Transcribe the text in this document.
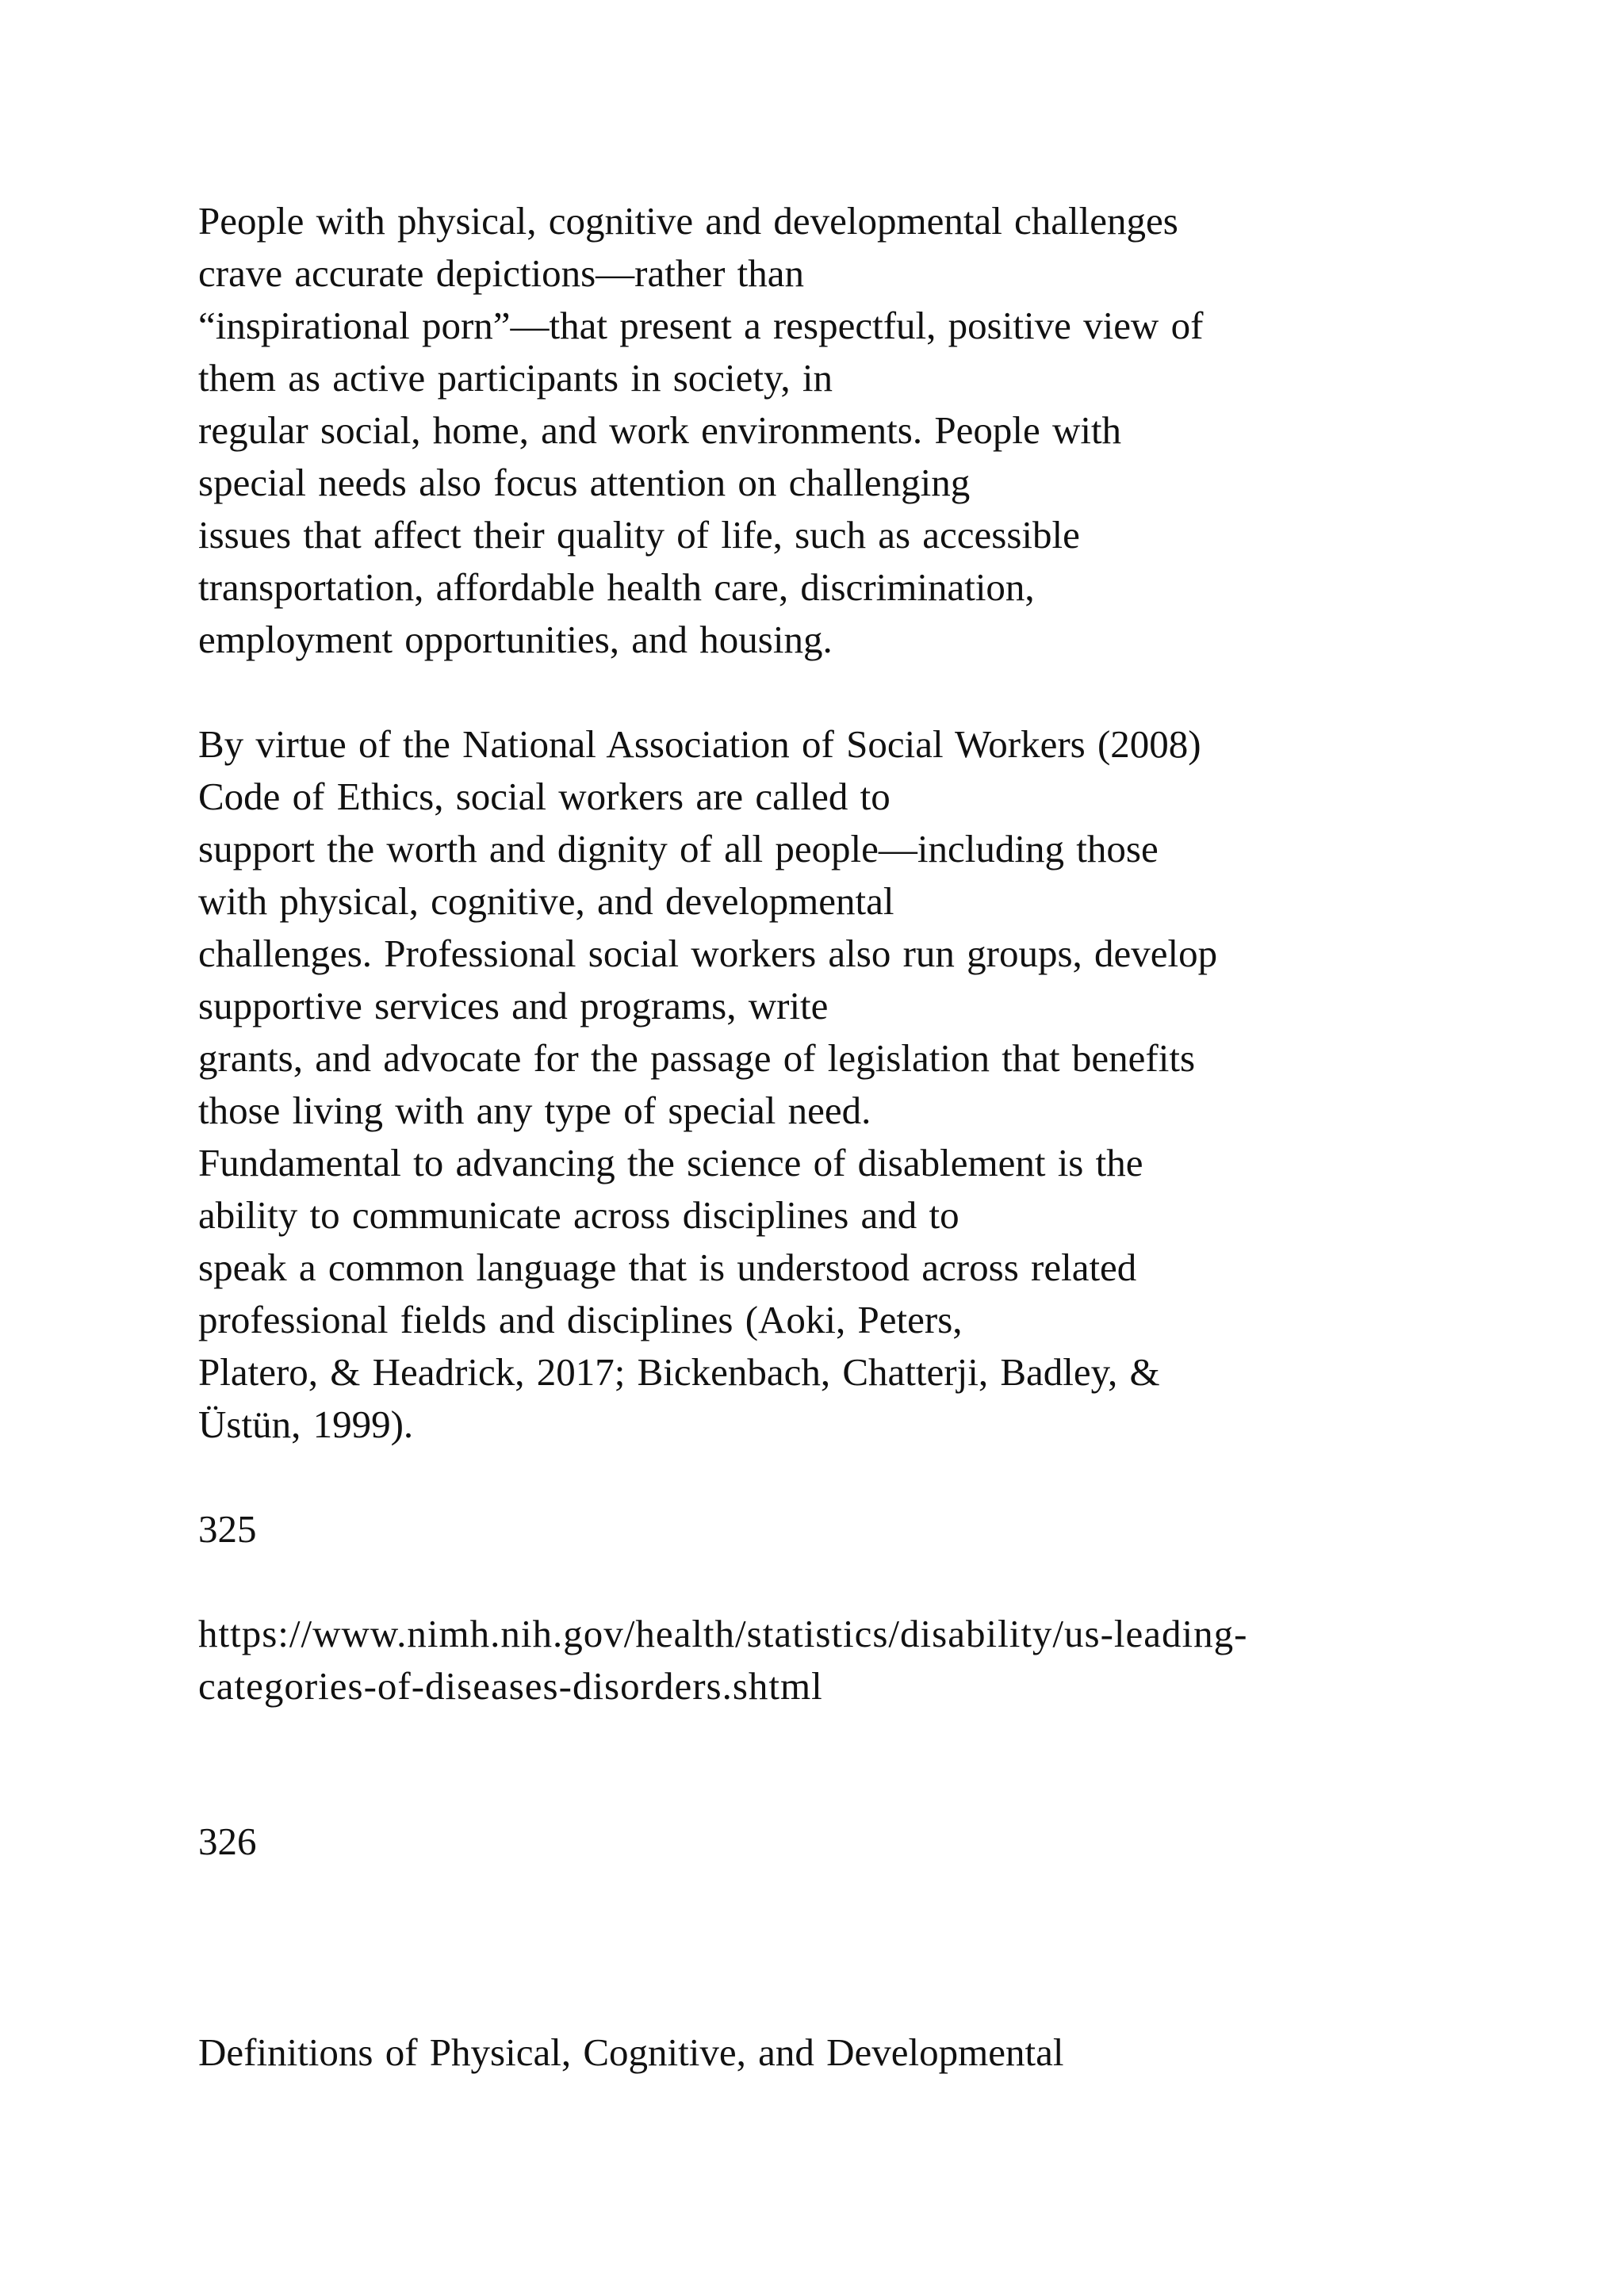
People with physical, cognitive and developmental challenges
crave accurate depictions—rather than
“inspirational porn”—that present a respectful, positive view of
them as active participants in society, in
regular social, home, and work environments. People with
special needs also focus attention on challenging
issues that affect their quality of life, such as accessible
transportation, affordable health care, discrimination,
employment opportunities, and housing.
By virtue of the National Association of Social Workers (2008)
Code of Ethics, social workers are called to
support the worth and dignity of all people—including those
with physical, cognitive, and developmental
challenges. Professional social workers also run groups, develop
supportive services and programs, write
grants, and advocate for the passage of legislation that benefits
those living with any type of special need.
Fundamental to advancing the science of disablement is the
ability to communicate across disciplines and to
speak a common language that is understood across related
professional fields and disciplines (Aoki, Peters,
Platero, & Headrick, 2017; Bickenbach, Chatterji, Badley, &
Üstün, 1999).
325
https://www.nimh.nih.gov/health/statistics/disability/us-leading-
categories-of-diseases-disorders.shtml
326
Definitions of Physical, Cognitive, and Developmental
